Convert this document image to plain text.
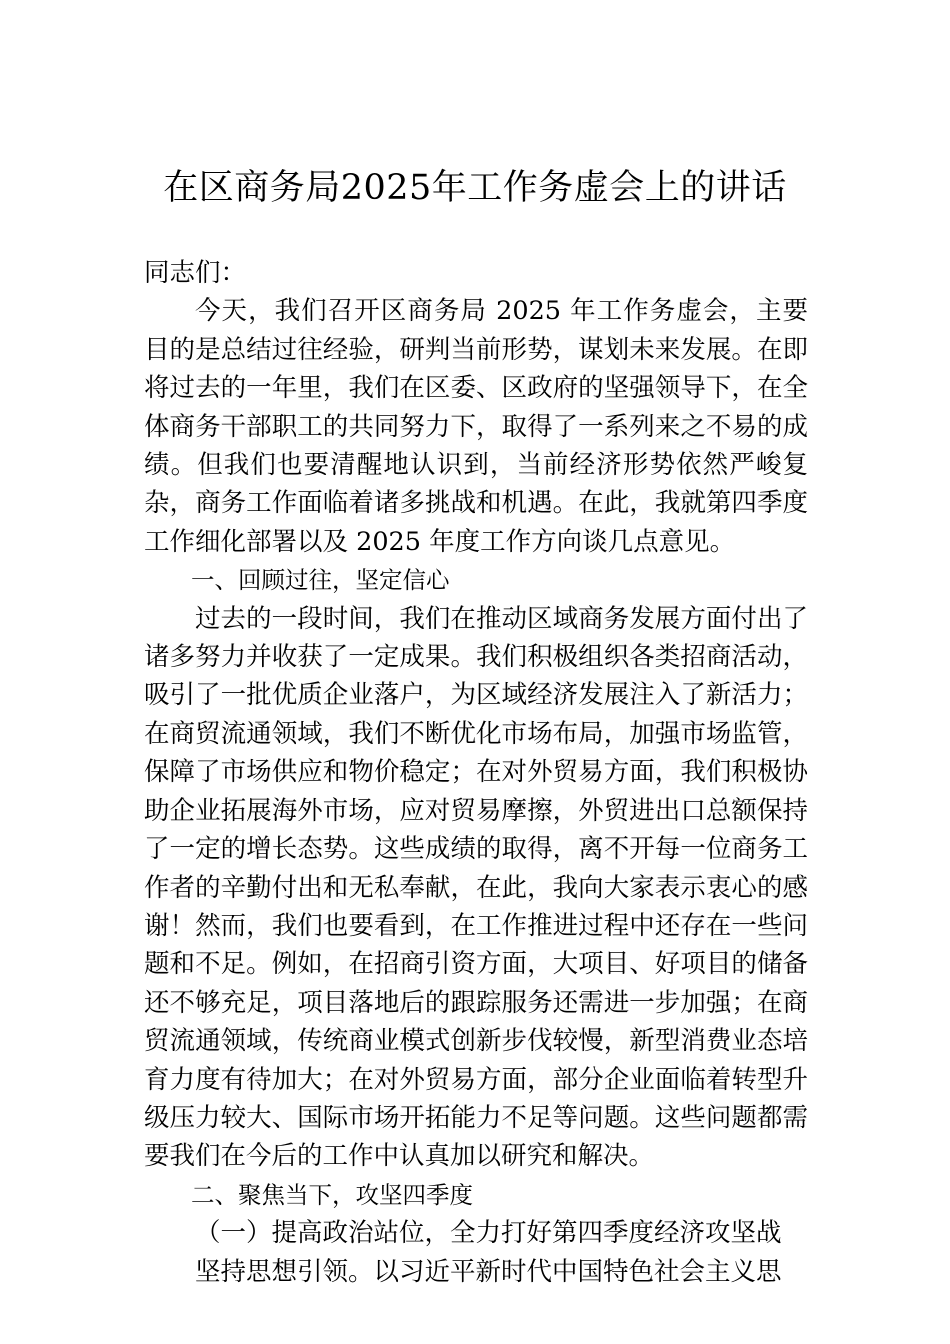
在区商务局2025年工作务虚会上的讲话

同志们：

今天，我们召开区商务局 2025 年工作务虚会，主要目的是总结过往经验，研判当前形势，谋划未来发展。在即将过去的一年里，我们在区委、区政府的坚强领导下，在全体商务干部职工的共同努力下，取得了一系列来之不易的成绩。但我们也要清醒地认识到，当前经济形势依然严峻复杂，商务工作面临着诸多挑战和机遇。在此，我就第四季度工作细化部署以及 2025 年度工作方向谈几点意见。

一、回顾过往，坚定信心

过去的一段时间，我们在推动区域商务发展方面付出了诸多努力并收获了一定成果。我们积极组织各类招商活动，吸引了一批优质企业落户，为区域经济发展注入了新活力；在商贸流通领域，我们不断优化市场布局，加强市场监管，保障了市场供应和物价稳定；在对外贸易方面，我们积极协助企业拓展海外市场，应对贸易摩擦，外贸进出口总额保持了一定的增长态势。这些成绩的取得，离不开每一位商务工作者的辛勤付出和无私奉献，在此，我向大家表示衷心的感谢！然而，我们也要看到，在工作推进过程中还存在一些问题和不足。例如，在招商引资方面，大项目、好项目的储备还不够充足，项目落地后的跟踪服务还需进一步加强；在商贸流通领域，传统商业模式创新步伐较慢，新型消费业态培育力度有待加大；在对外贸易方面，部分企业面临着转型升级压力较大、国际市场开拓能力不足等问题。这些问题都需要我们在今后的工作中认真加以研究和解决。

二、聚焦当下，攻坚四季度

（一）提高政治站位，全力打好第四季度经济攻坚战

坚持思想引领。以习近平新时代中国特色社会主义思
